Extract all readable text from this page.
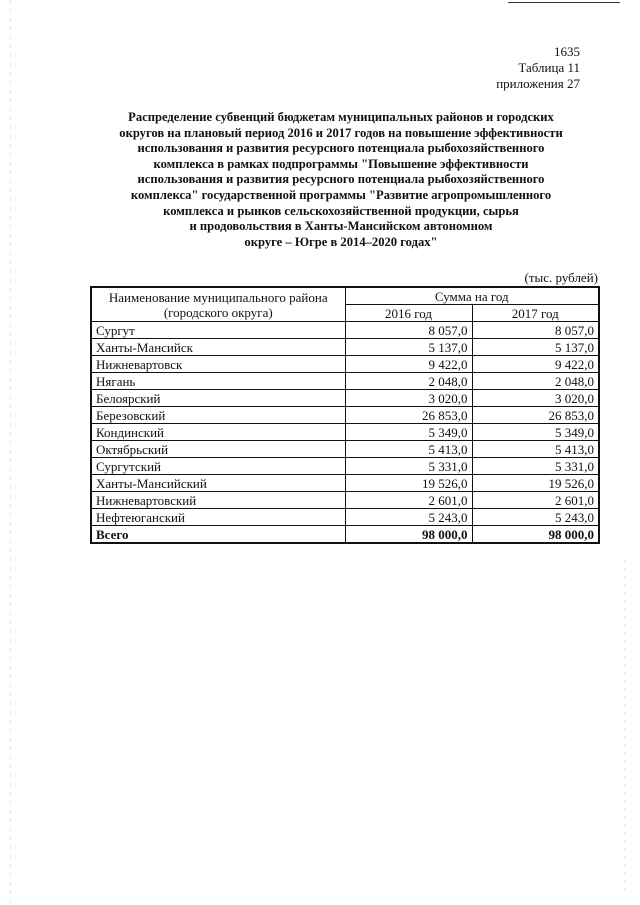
1635
Таблица 11
приложения 27
Распределение субвенций бюджетам муниципальных районов и городских
округов на плановый период 2016 и 2017 годов на повышение эффективности
использования и развития ресурсного потенциала рыбохозяйственного
комплекса в рамках подпрограммы "Повышение эффективности
использования и развития ресурсного потенциала рыбохозяйственного
комплекса" государственной программы "Развитие агропромышленного
комплекса и рынков сельскохозяйственной продукции, сырья
и продовольствия в Ханты-Мансийском автономном
округе – Югре в 2014–2020 годах"
(тыс. рублей)
Наименование муниципального района
(городского округа)	Сумма на год	
	2016 год	2017 год
Сургут	8 057,0	8 057,0
Ханты-Мансийск	5 137,0	5 137,0
Нижневартовск	9 422,0	9 422,0
Нягань	2 048,0	2 048,0
Белоярский	3 020,0	3 020,0
Березовский	26 853,0	26 853,0
Кондинский	5 349,0	5 349,0
Октябрьский	5 413,0	5 413,0
Сургутский	5 331,0	5 331,0
Ханты-Мансийский	19 526,0	19 526,0
Нижневартовский	2 601,0	2 601,0
Нефтеюганский	5 243,0	5 243,0
Всего	98 000,0	98 000,0
